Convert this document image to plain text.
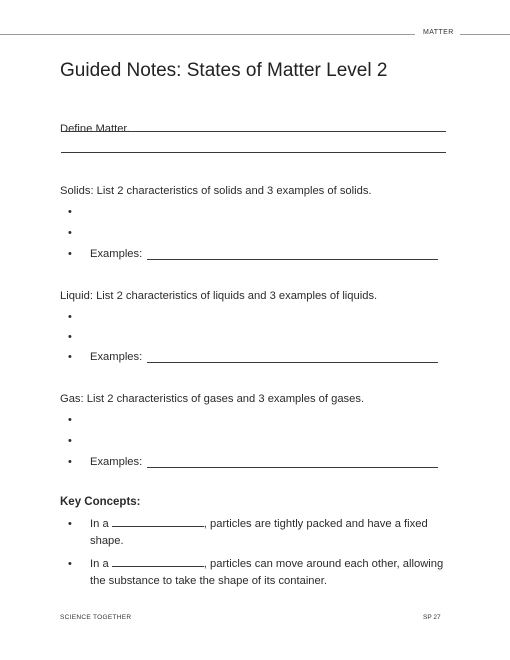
MATTER
Guided Notes: States of Matter Level 2
Define Matter.
Solids: List 2 characteristics of solids and 3 examples of solids.
•
•
• Examples:
Liquid: List 2 characteristics of liquids and 3 examples of liquids.
•
•
• Examples:
Gas: List 2 characteristics of gases and 3 examples of gases.
•
•
• Examples:
Key Concepts:
• In a	, particles are tightly packed and have a fixed shape.
• In a	, particles can move around each other, allowing the substance to take the shape of its container.
SCIENCE TOGETHER	SP 27
